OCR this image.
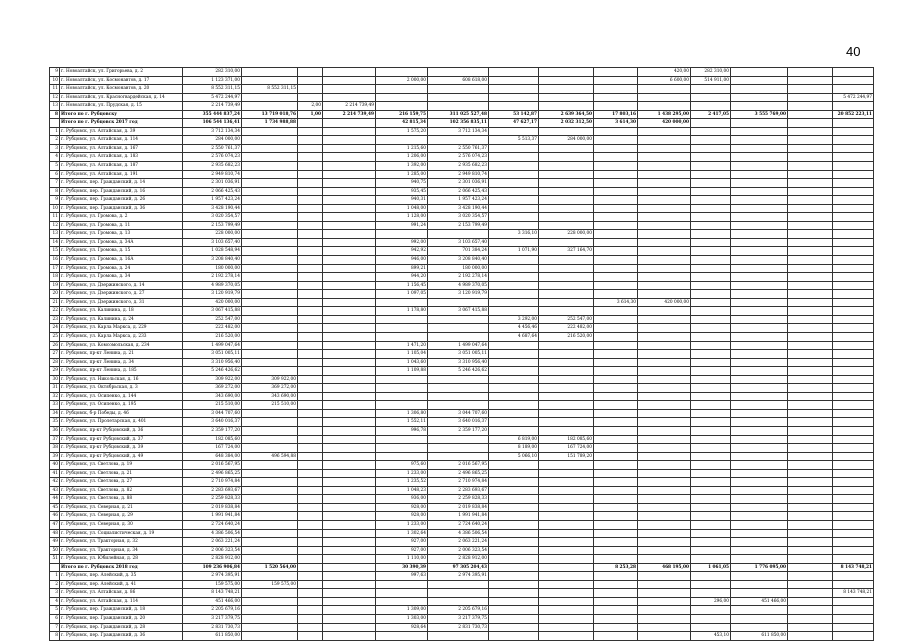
40
9	г. Новоалтайск, ул. Григорьева, д. 2	282 310,00									420,00	282 310,00			
10	г. Новоалтайск, ул. Космонавтов, д. 17	1 123 371,00				2 000,00	608 618,00				6 600,00	514 911,00			
11	г. Новоалтайск, ул. Космонавтов, д. 20	8 552 311,15	8 552 311,15												
12	г. Новоалтайск, ул. Красногвардейская, д. 14	5 472 244,97													5 472 244,97
13	г. Новоалтайск, ул. Прудская, д. 15	2 214 739,49		2,00	2 214 739,49										
8	Итого по г. Рубцовску	355 444 837,24	13 719 018,76	1,00	2 214 739,49	216 159,75	311 025 527,48	53 142,87	2 639 364,50	17 803,16	1 438 295,00	2 417,05	3 555 769,00		20 852 223,11
	Итого по г. Рубцовск 2017 год	106 544 136,41	1 734 988,88			42 815,34	102 356 835,11	47 627,17	2 032 312,50	3 614,30	420 000,00				
1	г. Рубцовск, ул. Алтайская, д. 39	3 712 134,34				1 575,20	3 712 134,34								
2	г. Рубцовск, ул. Алтайская, д. 114	284 000,00						5 513,37	284 000,00						
3	г. Рубцовск, ул. Алтайская, д. 167	2 550 761,37				1 215,60	2 550 761,37								
4	г. Рубцовск, ул. Алтайская, д. 183	2 576 074,23				1 206,00	2 576 074,23								
5	г. Рубцовск, ул. Алтайская, д. 187	2 935 682,23				1 392,00	2 935 682,23								
6	г. Рубцовск, ул. Алтайская, д. 191	2 949 810,74				1 285,00	2 949 810,74								
7	г. Рубцовск, пер. Гражданский, д. 14	2 301 036,91				940,75	2 301 036,91								
8	г. Рубцовск, пер. Гражданский, д. 16	2 066 425,43				935,45	2 066 425,43								
9	г. Рубцовск, пер. Гражданский, д. 26	1 957 423,24				940,31	1 957 423,24								
10	г. Рубцовск, пер. Гражданский, д. 36	3 428 190,44				1 048,00	3 428 190,44								
11	г. Рубцовск, ул. Громова, д. 2	3 020 354,57				1 128,00	3 020 354,57								
12	г. Рубцовск, ул. Громова, д. 11	2 153 799,49				991,24	2 153 799,49								
13	г. Рубцовск, ул. Громова, д. 13	228 000,00						3 316,10	228 000,00						
14	г. Рубцовск, ул. Громова, д. 34А	3 103 657,40				992,00	3 103 657,40								
15	г. Рубцовск, ул. Громова, д. 15	1 028 548,94				942,92	701 384,24	1 071,90	327 164,70						
16	г. Рубцовск, ул. Громова, д. 16А	3 208 840,40				946,00	3 208 840,40								
17	г. Рубцовск, ул. Громова, д. 24	180 000,00				899,21	180 000,00								
18	г. Рубцовск, ул. Громова, д. 34	2 192 278,14				944,20	2 192 278,14								
19	г. Рубцовск, ул. Дзержинского, д. 14	4 989 370,05				1 156,45	4 989 370,05								
20	г. Рубцовск, ул. Дзержинского, д. 27	3 120 919,79				1 097,05	3 120 919,79								
21	г. Рубцовск, ул. Дзержинского, д. 31	420 000,00								3 614,30	420 000,00				
22	г. Рубцовск, ул. Калинина, д. 18	3 067 415,88				1 178,80	3 067 415,88								
23	г. Рубцовск, ул. Калинина, д. 24	252 547,00						3 292,00	252 547,00						
24	г. Рубцовск, ул. Карла Маркса, д. 229	222 482,00						4 456,46	222 482,00						
25	г. Рубцовск, ул. Карла Маркса, д. 233	216 520,00						4 687,64	216 520,00						
26	г. Рубцовск, ул. Комсомольская, д. 234	1 499 047,64				1 471,20	1 499 047,64								
27	г. Рубцовск, пр-кт Ленина, д. 21	3 051 005,11				1 105,04	3 051 005,11								
28	г. Рубцовск, пр-кт Ленина, д. 34	3 310 956,40				1 043,60	3 310 956,40								
29	г. Рубцовск, пр-кт Ленина, д. 185	5 246 426,62				1 109,88	5 246 426,62								
30	г. Рубцовск, ул. Никольская, д. 16	309 922,00	309 922,00												
31	г. Рубцовск, ул. Октябрьская, д. 3	369 272,00	369 272,00												
32	г. Рубцовск, ул. Осипенко, д. 144	343 690,00	343 690,00												
33	г. Рубцовск, ул. Осипенко, д. 195	215 510,00	215 510,00												
34	г. Рубцовск, б-р Победы, д. 46	3 044 707,60				1 306,80	3 044 707,60								
35	г. Рубцовск, ул. Пролетарская, д. 401	3 640 016,37				1 552,11	3 640 016,37								
36	г. Рубцовск, пр-кт Рубцовский, д. 36	2 359 177,20				996,78	2 359 177,20								
37	г. Рубцовск, пр-кт Рубцовский, д. 37	182 085,60						6 819,00	182 085,60						
38	г. Рубцовск, пр-кт Рубцовский, д. 39	167 724,00						8 189,00	167 724,00						
39	г. Рубцовск, пр-кт Рубцовский, д. 49	648 384,00	496 594,88					5 066,10	151 789,20						
40	г. Рубцовск, ул. Светлова, д. 19	2 016 567,95				975,60	2 016 567,95								
41	г. Рубцовск, ул. Светлова, д. 21	2 496 865,25				1 233,00	2 496 865,25								
42	г. Рубцовск, ул. Светлова, д. 27	2 710 974,84				1 235,52	2 710 974,84								
43	г. Рубцовск, ул. Светлова, д. 82	2 283 693,67				1 048,23	2 283 693,67								
44	г. Рубцовск, ул. Светлова, д. 88	2 259 828,33				936,00	2 259 828,33								
45	г. Рубцовск, ул. Северная, д. 21	2 019 838,84				928,00	2 019 838,84								
46	г. Рубцовск, ул. Северная, д. 29	1 991 941,84				928,00	1 991 941,84								
47	г. Рубцовск, ул. Северная, д. 30	2 724 640,24				1 233,00	2 724 640,24								
48	г. Рубцовск, ул. Социалистическая, д. 19	4 386 506,54				1 302,64	4 386 506,54								
49	г. Рубцовск, ул. Тракторная, д. 32	2 063 221,24				927,00	2 063 221,24								
50	г. Рубцовск, ул. Тракторная, д. 34	2 006 323,54				927,00	2 006 323,54								
51	г. Рубцовск, ул. Юбилейная, д. 28	2 828 912,00				1 110,00	2 828 912,00								
	Итого по г. Рубцовск 2018 год	109 236 906,84	1 520 564,00			30 390,39	97 305 204,43			8 253,28	468 195,00	1 061,05	1 776 095,00		8 143 748,21
1	г. Рубцовск, пер. Алейский, д. 35	2 974 395,91				997,63	2 974 395,91								
2	г. Рубцовск, пер. Алейский, д. 41	159 575,00	159 575,00												
3	г. Рубцовск, ул. Алтайская, д. 86	8 143 748,21													8 143 748,21
4	г. Рубцовск, ул. Алтайская, д. 114	451 466,00										296,00	451 466,00		
5	г. Рубцовск, пер. Гражданский, д. 18	2 205 679,16				1 309,00	2 205 679,16								
6	г. Рубцовск, пер. Гражданский, д. 20	3 217 379,75				1 303,00	3 217 379,75								
7	г. Рубцовск, пер. Гражданский, д. 28	2 831 730,73				928,64	2 831 730,73								
8	г. Рубцовск, пер. Гражданский, д. 36	611 850,00										453,10	611 850,00		
